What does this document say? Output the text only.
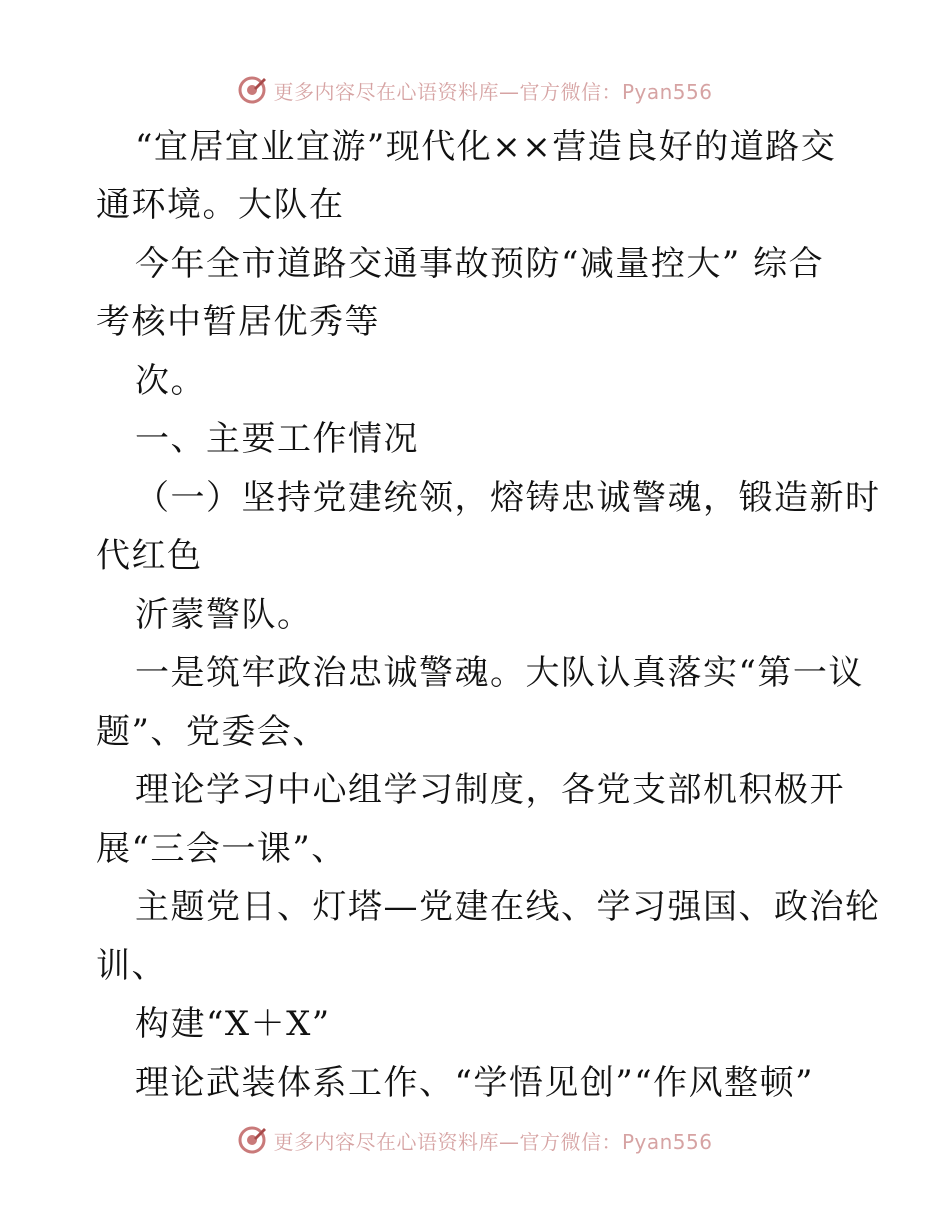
更多内容尽在心语资料库—官方微信：Pyan556
“宜居宜业宜游”现代化××营造良好的道路交
通环境。大队在
今年全市道路交通事故预防“减量控大” 综合
考核中暂居优秀等
次。
一、主要工作情况
（一）坚持党建统领，熔铸忠诚警魂，锻造新时
代红色
沂蒙警队。
一是筑牢政治忠诚警魂。大队认真落实“第一议
题”、党委会、
理论学习中心组学习制度，各党支部机积极开
展“三会一课”、
主题党日、灯塔—党建在线、学习强国、政治轮
训、
构建“X＋X”
理论武装体系工作、“学悟见创”“作风整顿”
更多内容尽在心语资料库—官方微信：Pyan556
